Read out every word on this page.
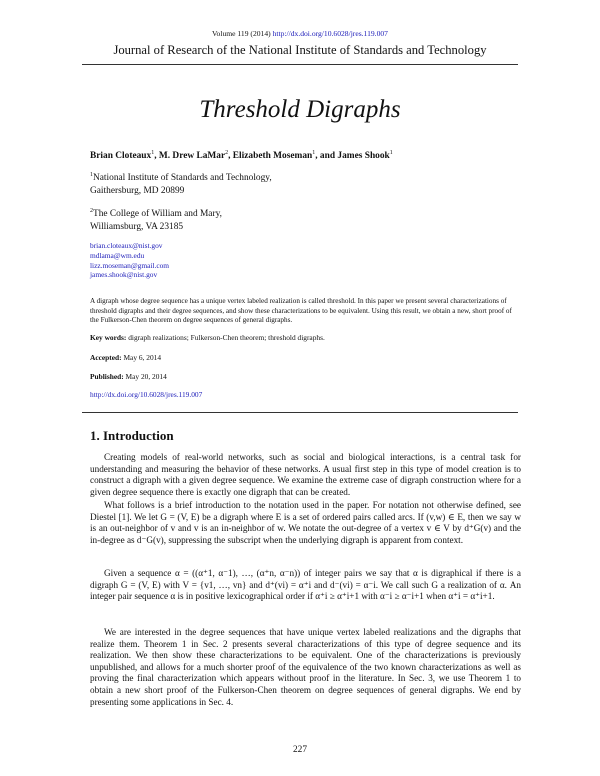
Volume 119 (2014) http://dx.doi.org/10.6028/jres.119.007
Journal of Research of the National Institute of Standards and Technology
Threshold Digraphs
Brian Cloteaux$^1$, M. Drew LaMar$^2$, Elizabeth Moseman$^1$, and James Shook$^1$
$^1$National Institute of Standards and Technology,
Gaithersburg, MD 20899
$^2$The College of William and Mary,
Williamsburg, VA 23185
brian.cloteaux@nist.gov
mdlama@wm.edu
lizz.moseman@gmail.com
james.shook@nist.gov
A digraph whose degree sequence has a unique vertex labeled realization is called threshold. In this paper we present several characterizations of threshold digraphs and their degree sequences, and show these characterizations to be equivalent. Using this result, we obtain a new, short proof of the Fulkerson-Chen theorem on degree sequences of general digraphs.
Key words: digraph realizations; Fulkerson-Chen theorem; threshold digraphs.
Accepted: May 6, 2014
Published: May 20, 2014
http://dx.doi.org/10.6028/jres.119.007
1. Introduction
Creating models of real-world networks, such as social and biological interactions, is a central task for understanding and measuring the behavior of these networks. A usual first step in this type of model creation is to construct a digraph with a given degree sequence. We examine the extreme case of digraph construction where for a given degree sequence there is exactly one digraph that can be created.
What follows is a brief introduction to the notation used in the paper. For notation not otherwise defined, see Diestel [1]. We let G = (V, E) be a digraph where E is a set of ordered pairs called arcs. If (v,w) ∈ E, then we say w is an out-neighbor of v and v is an in-neighbor of w. We notate the out-degree of a vertex v ∈ V by d⁺G(v) and the in-degree as d⁻G(v), suppressing the subscript when the underlying digraph is apparent from context.
Given a sequence α = ((α⁺1, α⁻1), …, (α⁺n, α⁻n)) of integer pairs we say that α is digraphical if there is a digraph G = (V, E) with V = {v1, …, vn} and d⁺(vi) = α⁺i and d⁻(vi) = α⁻i. We call such G a realization of α. An integer pair sequence α is in positive lexicographical order if α⁺i ≥ α⁺i+1 with α⁻i ≥ α⁻i+1 when α⁺i = α⁺i+1.
We are interested in the degree sequences that have unique vertex labeled realizations and the digraphs that realize them. Theorem 1 in Sec. 2 presents several characterizations of this type of degree sequence and its realization. We then show these characterizations to be equivalent. One of the characterizations is previously unpublished, and allows for a much shorter proof of the equivalence of the two known characterizations as well as proving the final characterization which appears without proof in the literature. In Sec. 3, we use Theorem 1 to obtain a new short proof of the Fulkerson-Chen theorem on degree sequences of general digraphs. We end by presenting some applications in Sec. 4.
227
